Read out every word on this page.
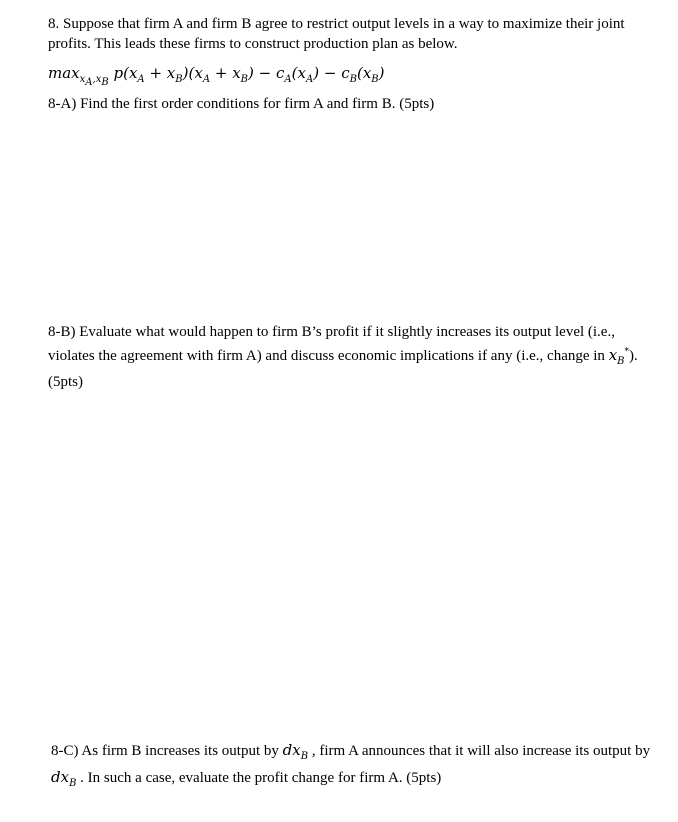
8. Suppose that firm A and firm B agree to restrict output levels in a way to maximize their joint profits. This leads these firms to construct production plan as below.

$\max_{x_A,x_B} p(x_A + x_B)(x_A + x_B) - c_A(x_A) - c_B(x_B)$

8-A) Find the first order conditions for firm A and firm B. (5pts)

8-B) Evaluate what would happen to firm B’s profit if it slightly increases its output level (i.e., violates the agreement with firm A) and discuss economic implications if any (i.e., change in $x_B^*$).
(5pts)

8-C) As firm B increases its output by $dx_B$ , firm A announces that it will also increase its output by $dx_B$ . In such a case, evaluate the profit change for firm A. (5pts)
